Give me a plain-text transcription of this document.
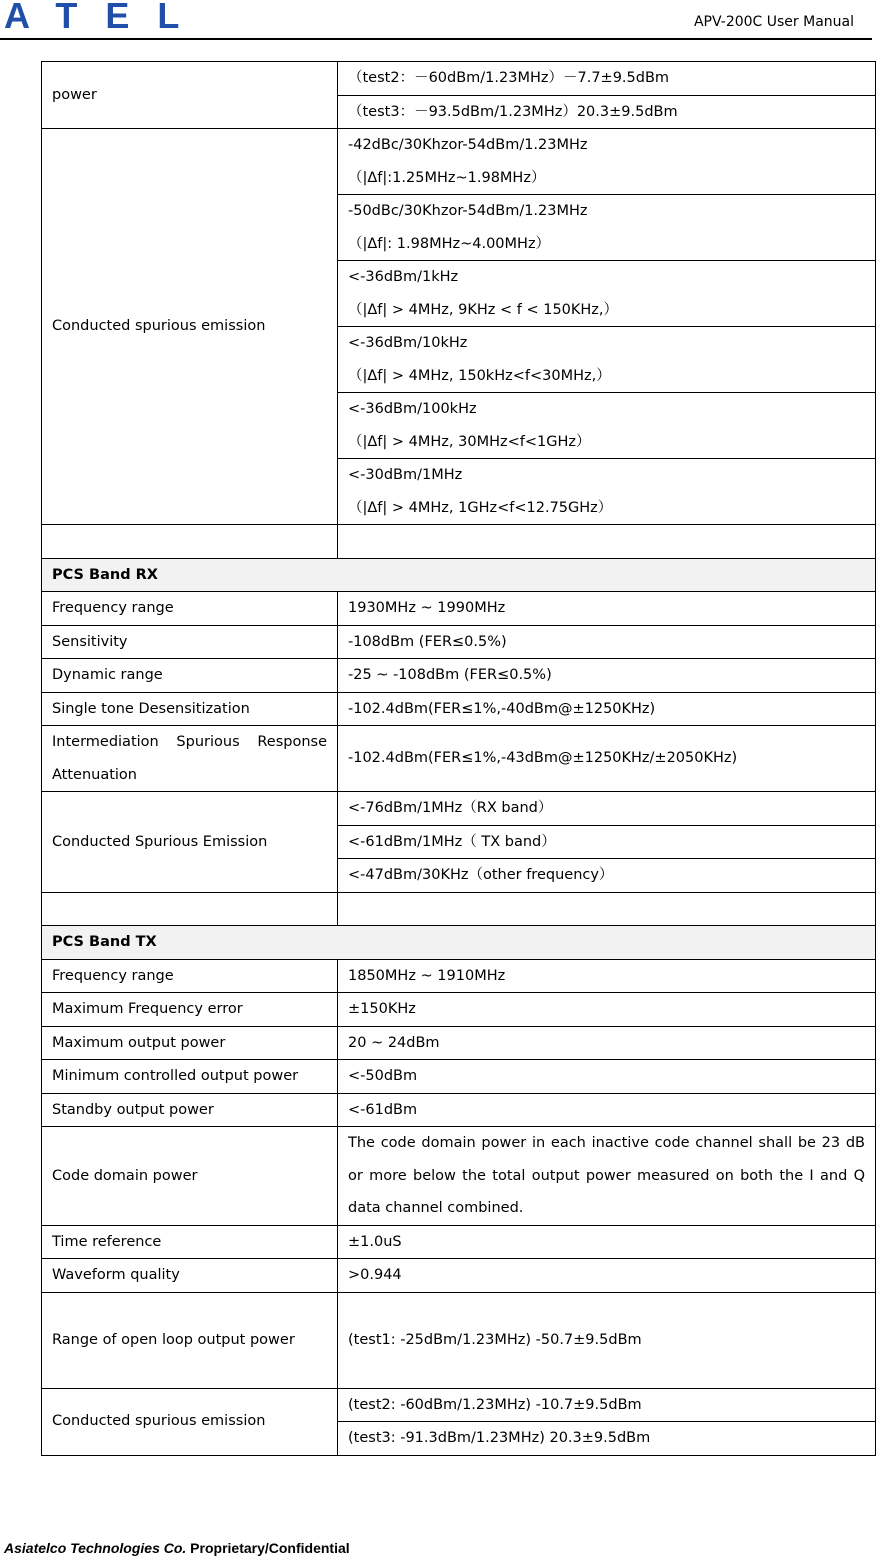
ATEL	APV-200C User Manual
power	（test2：－60dBm/1.23MHz）－7.7±9.5dBm
	（test3：－93.5dBm/1.23MHz）20.3±9.5dBm
Conducted spurious emission	-42dBc/30Khzor-54dBm/1.23MHz
（|Δf|:1.25MHz~1.98MHz）

	-50dBc/30Khzor-54dBm/1.23MHz
（|Δf|: 1.98MHz~4.00MHz）

	<-36dBm/1kHz
（|Δf| > 4MHz, 9KHz < f < 150KHz,）

	<-36dBm/10kHz
（|Δf| > 4MHz, 150kHz<f<30MHz,）

	<-36dBm/100kHz
（|Δf| > 4MHz, 30MHz<f<1GHz）

	<-30dBm/1MHz
（|Δf| > 4MHz, 1GHz<f<12.75GHz）

PCS Band RX	
Frequency range	1930MHz ~ 1990MHz
Sensitivity	-108dBm (FER≤0.5%)
Dynamic range	-25 ~ -108dBm (FER≤0.5%)
Single tone Desensitization	-102.4dBm(FER≤1%,-40dBm@±1250KHz)
Intermediation Spurious Response Attenuation	-102.4dBm(FER≤1%,-43dBm@±1250KHz/±2050KHz)
Conducted Spurious Emission	<-76dBm/1MHz（RX band）
	<-61dBm/1MHz（ TX band）
	<-47dBm/30KHz（other frequency）

PCS Band TX	
Frequency range	1850MHz ~ 1910MHz
Maximum Frequency error	±150KHz
Maximum output power	20 ~ 24dBm
Minimum controlled output power	<-50dBm
Standby output power	<-61dBm
Code domain power	The code domain power in each inactive code channel shall be 23 dB or more below the total output power measured on both the I and Q data channel combined.
Time reference	±1.0uS
Waveform quality	>0.944
Range of open loop output power	(test1: -25dBm/1.23MHz) -50.7±9.5dBm
Conducted spurious emission	(test2: -60dBm/1.23MHz) -10.7±9.5dBm
	(test3: -91.3dBm/1.23MHz) 20.3±9.5dBm
Asiatelco Technologies Co. Proprietary/Confidential
